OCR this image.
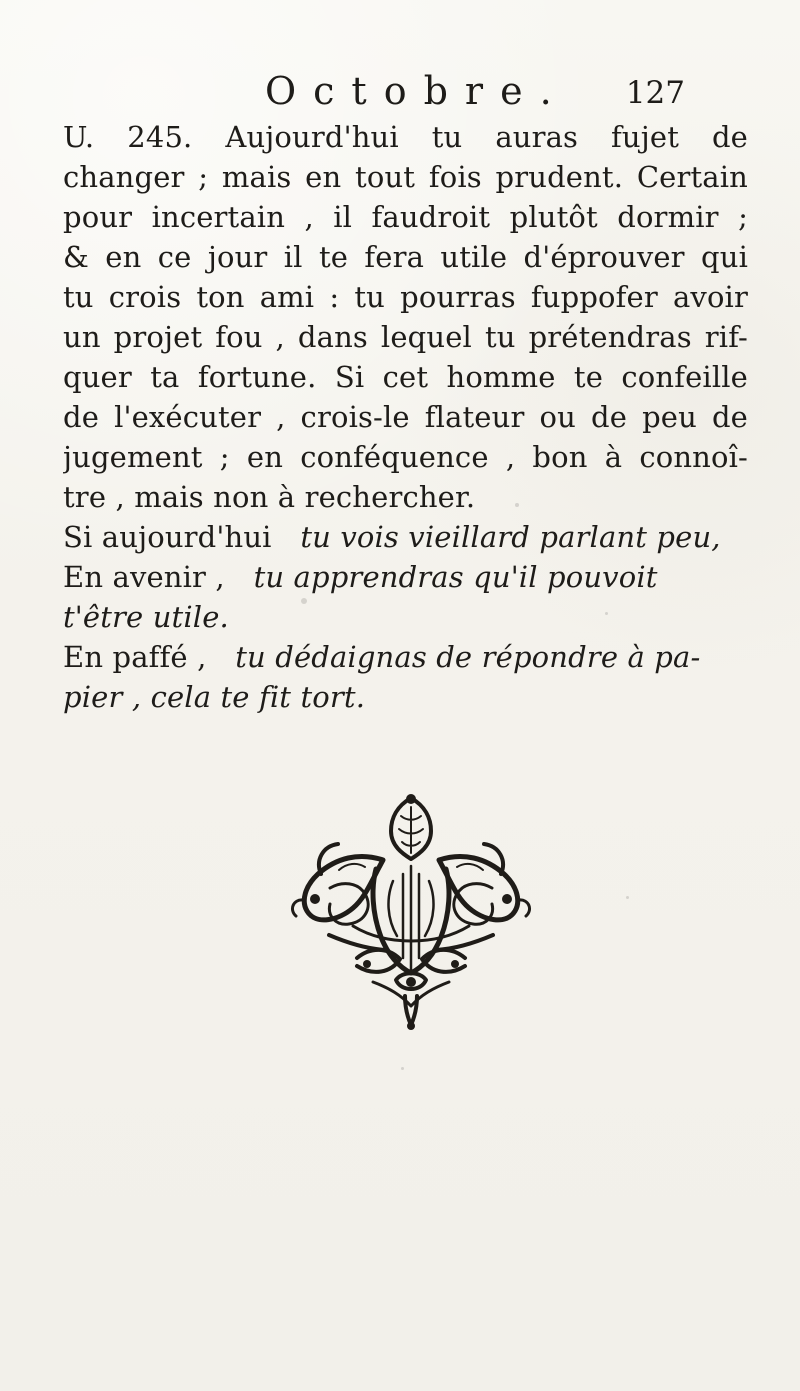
Octobre. 127
U. 245. Aujourd'hui tu auras fujet de
changer ; mais en tout fois prudent. Certain
pour incertain , il faudroit plutôt dormir ;
& en ce jour il te fera utile d'éprouver qui
tu crois ton ami : tu pourras fuppofer avoir
un projet fou , dans lequel tu prétendras rif-
quer ta fortune. Si cet homme te confeille
de l'exécuter , crois-le flateur ou de peu de
jugement ; en conféquence , bon à connoî-
tre , mais non à rechercher.
Si aujourd'hui tu vois vieillard parlant peu,
En avenir , tu apprendras qu'il pouvoit
t'être utile.
En paffé , tu dédaignas de répondre à pa-
pier , cela te fit tort.
